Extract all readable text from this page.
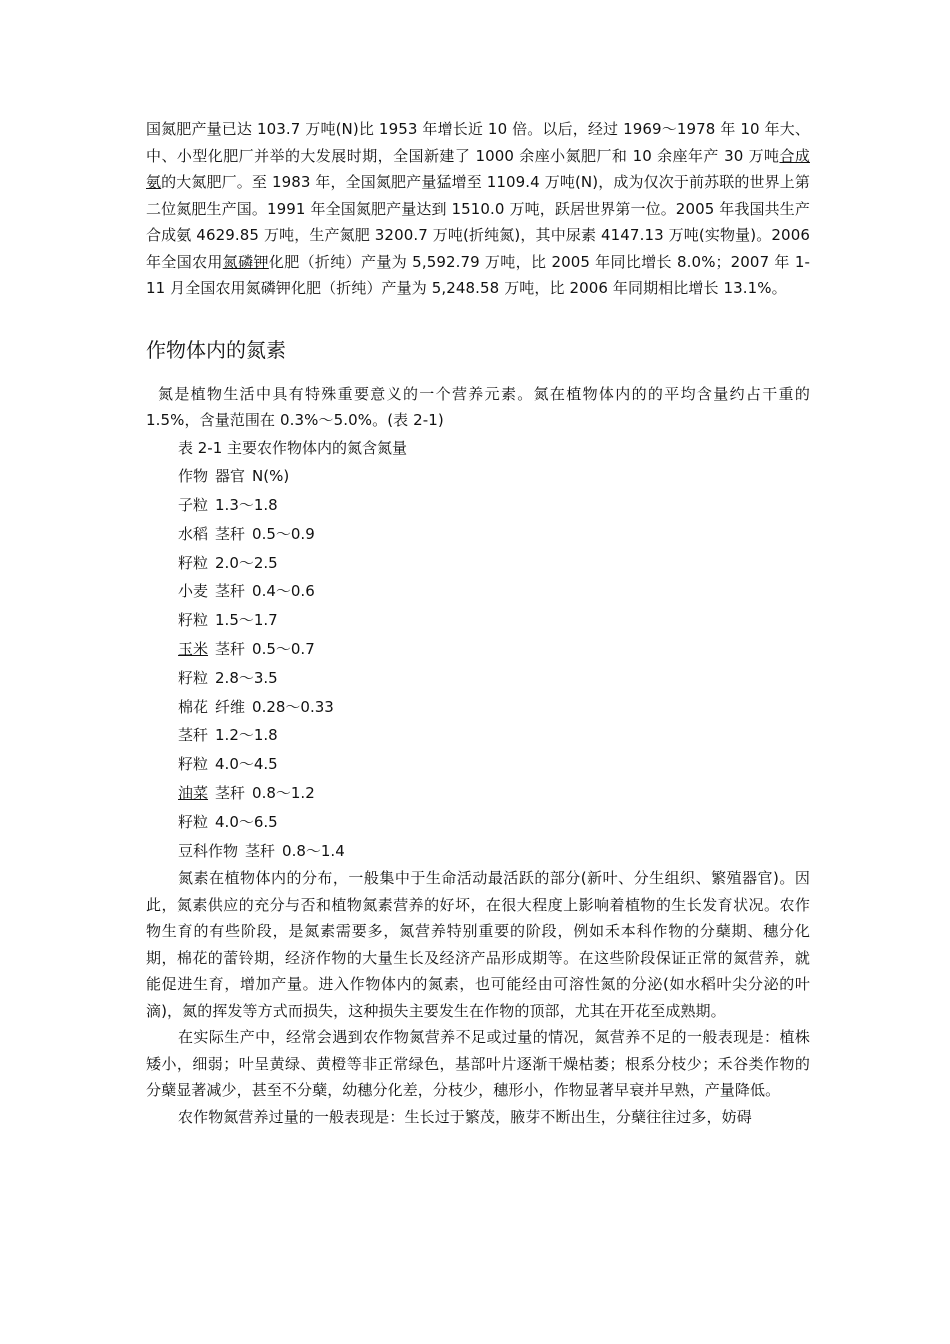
国氮肥产量已达 103.7 万吨(N)比 1953 年增长近 10 倍。以后，经过 1969～1978 年 10 年大、中、小型化肥厂并举的大发展时期，全国新建了 1000 余座小氮肥厂和 10 余座年产 30 万吨合成氨的大氮肥厂。至 1983 年，全国氮肥产量猛增至 1109.4 万吨(N)，成为仅次于前苏联的世界上第二位氮肥生产国。1991 年全国氮肥产量达到 1510.0 万吨，跃居世界第一位。2005 年我国共生产合成氨 4629.85 万吨，生产氮肥 3200.7 万吨(折纯氮)，其中尿素 4147.13 万吨(实物量)。2006 年全国农用氮磷钾化肥（折纯）产量为 5,592.79 万吨，比 2005 年同比增长 8.0%；2007 年 1-11 月全国农用氮磷钾化肥（折纯）产量为 5,248.58 万吨，比 2006 年同期相比增长 13.1%。

作物体内的氮素

氮是植物生活中具有特殊重要意义的一个营养元素。氮在植物体内的的平均含量约占干重的 1.5%，含量范围在 0.3%～5.0%。(表 2-1)

表 2-1 主要农作物体内的氮含氮量
作物 器官 N(%)
子粒 1.3～1.8
水稻 茎秆 0.5～0.9
籽粒 2.0～2.5
小麦 茎秆 0.4～0.6
籽粒 1.5～1.7
玉米 茎秆 0.5～0.7
籽粒 2.8～3.5
棉花 纤维 0.28～0.33
茎秆 1.2～1.8
籽粒 4.0～4.5
油菜 茎秆 0.8～1.2
籽粒 4.0～6.5
豆科作物 茎秆 0.8～1.4

氮素在植物体内的分布，一般集中于生命活动最活跃的部分(新叶、分生组织、繁殖器官)。因此，氮素供应的充分与否和植物氮素营养的好坏，在很大程度上影响着植物的生长发育状况。农作物生育的有些阶段，是氮素需要多，氮营养特别重要的阶段，例如禾本科作物的分蘖期、穗分化期，棉花的蕾铃期，经济作物的大量生长及经济产品形成期等。在这些阶段保证正常的氮营养，就能促进生育，增加产量。进入作物体内的氮素，也可能经由可溶性氮的分泌(如水稻叶尖分泌的叶滴)，氮的挥发等方式而损失，这种损失主要发生在作物的顶部，尤其在开花至成熟期。

在实际生产中，经常会遇到农作物氮营养不足或过量的情况，氮营养不足的一般表现是：植株矮小，细弱；叶呈黄绿、黄橙等非正常绿色，基部叶片逐渐干燥枯萎；根系分枝少；禾谷类作物的分蘖显著减少，甚至不分蘖，幼穗分化差，分枝少，穗形小，作物显著早衰并早熟，产量降低。

农作物氮营养过量的一般表现是：生长过于繁茂，腋芽不断出生，分蘖往往过多，妨碍
